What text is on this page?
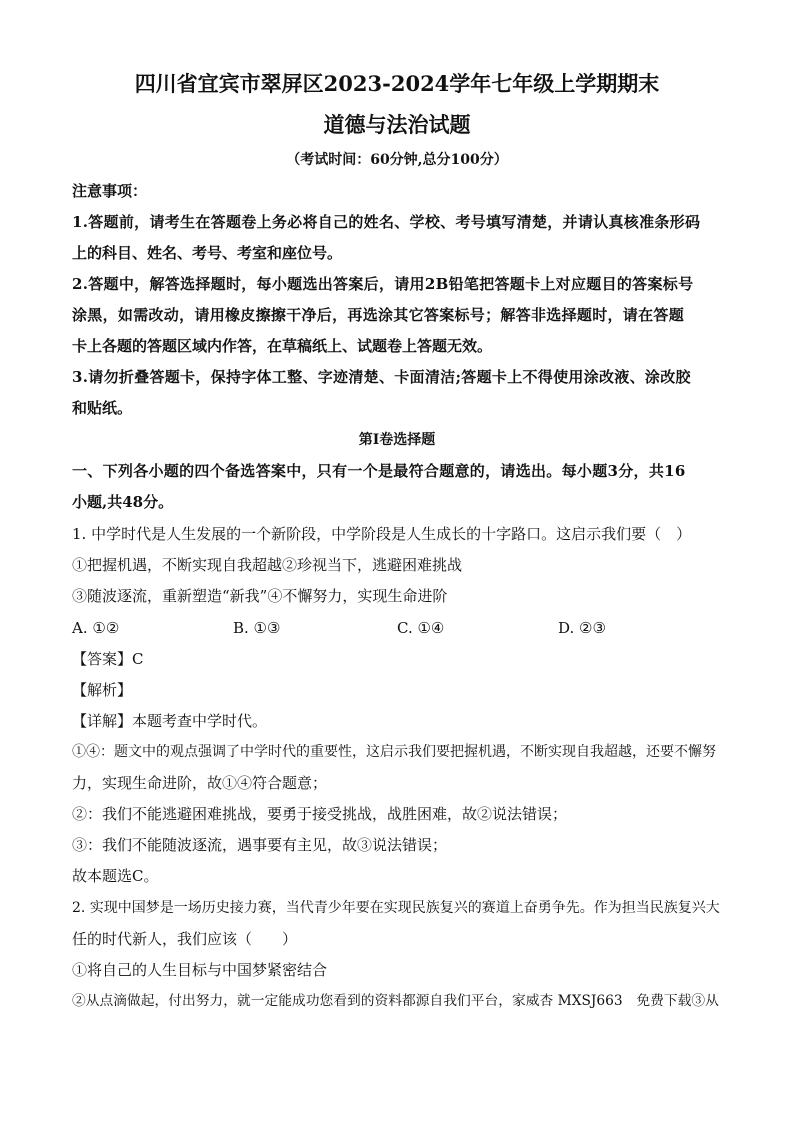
四川省宜宾市翠屏区2023-2024学年七年级上学期期末
道德与法治试题
（考试时间：60分钟,总分100分）
注意事项：
1.答题前，请考生在答题卷上务必将自己的姓名、学校、考号填写清楚，并请认真核准条形码
上的科目、姓名、考号、考室和座位号。
2.答题中，解答选择题时，每小题选出答案后，请用2B铅笔把答题卡上对应题目的答案标号
涂黑，如需改动，请用橡皮擦擦干净后，再选涂其它答案标号；解答非选择题时，请在答题
卡上各题的答题区域内作答，在草稿纸上、试题卷上答题无效。
3.请勿折叠答题卡，保持字体工整、字迹清楚、卡面清洁;答题卡上不得使用涂改液、涂改胶
和贴纸。
第Ⅰ卷选择题
一、下列各小题的四个备选答案中，只有一个是最符合题意的，请选出。每小题3分，共16
小题,共48分。
1. 中学时代是人生发展的一个新阶段，中学阶段是人生成长的十字路口。这启示我们要（　）
①把握机遇，不断实现自我超越②珍视当下，逃避困难挑战
③随波逐流，重新塑造“新我”④不懈努力，实现生命进阶
A. ①②	B. ①③	C. ①④	D. ②③
【答案】C
【解析】
【详解】本题考查中学时代。
①④：题文中的观点强调了中学时代的重要性，这启示我们要把握机遇，不断实现自我超越，还要不懈努
力，实现生命进阶，故①④符合题意；
②：我们不能逃避困难挑战，要勇于接受挑战，战胜困难，故②说法错误；
③：我们不能随波逐流，遇事要有主见，故③说法错误；
故本题选C。
2. 实现中国梦是一场历史接力赛，当代青少年要在实现民族复兴的赛道上奋勇争先。作为担当民族复兴大
任的时代新人，我们应该（　　）
①将自己的人生目标与中国梦紧密结合
②从点滴做起，付出努力，就一定能成功您看到的资料都源自我们平台，家威杏 MXSJ663　免费下载③从
